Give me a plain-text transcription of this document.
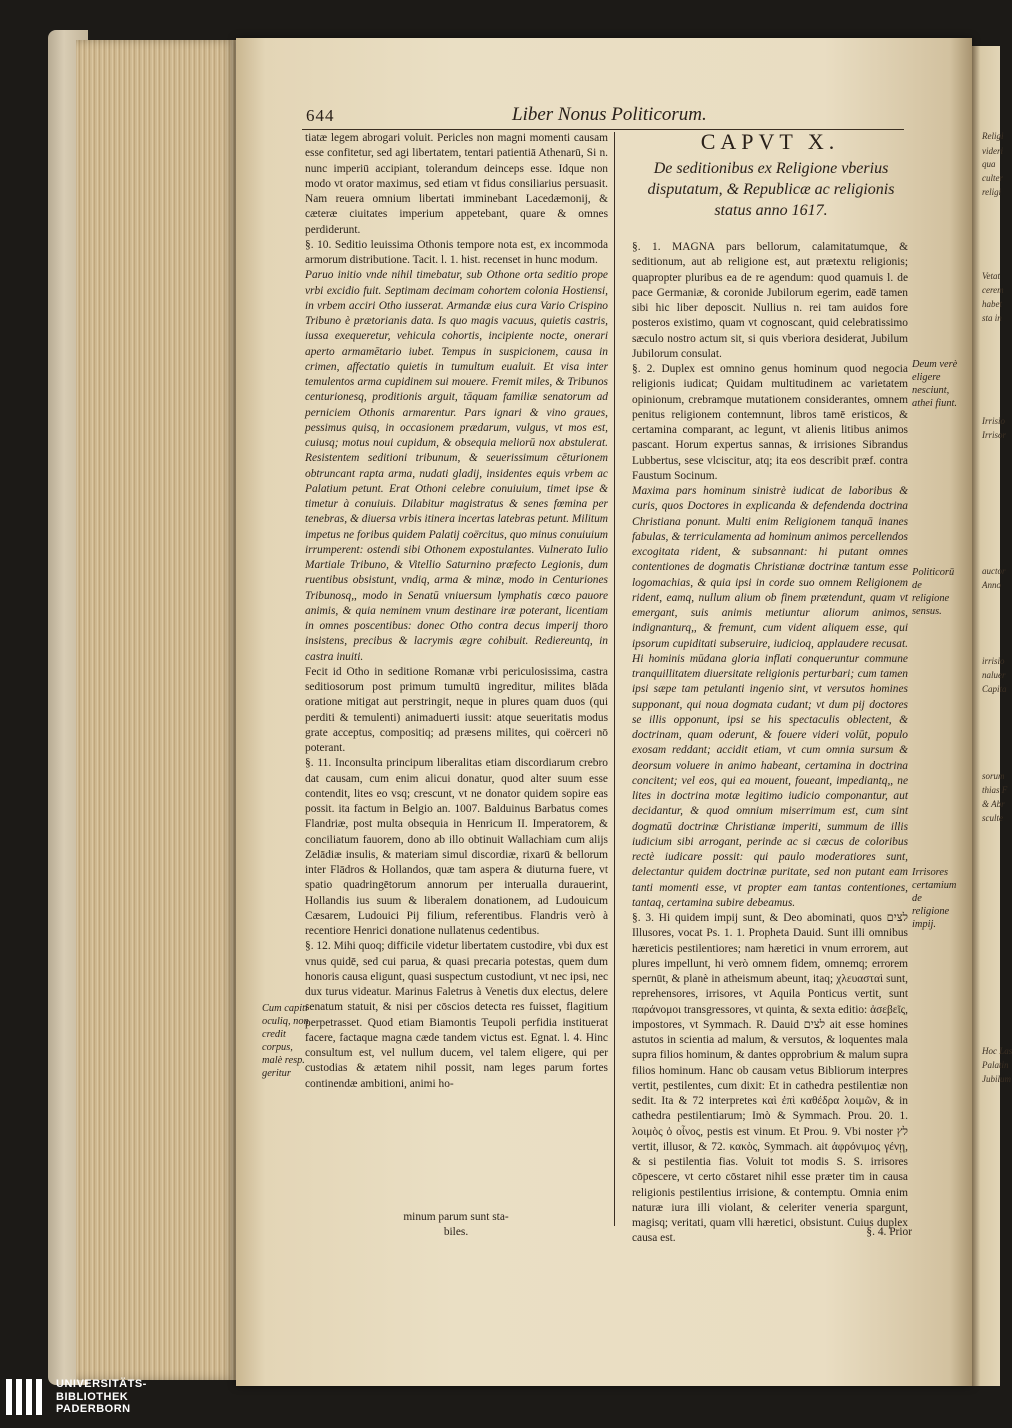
Religi
videri
qua
culter
religi
Vetat
cerem
habet
sta in
Irrisio
Irrisor
auctor
Anno
irrisio
naluer
Capita
sorum
thias F
& Abr
sculte
Hoc Las
Palatin
Jubilum
644	Liber Nonus Politicorum.

tiatæ legem abrogari voluit. Pericles non magni momenti causam esse confitetur, sed agi libertatem, tentari patientiā Athenarū, Si n. nunc imperiū accipiant, tolerandum deinceps esse. Idque non modo vt orator maximus, sed etiam vt fidus consiliarius persuasit. Nam reuera omnium libertati imminebant Lacedæmonij, & cæteræ ciuitates imperium appetebant, quare & omnes perdiderunt.

§. 10. Seditio leuissima Othonis tempore nota est, ex incommoda armorum distributione. Tacit. l. 1. hist. recenset in hunc modum.

Paruo initio vnde nihil timebatur, sub Othone orta seditio prope vrbi excidio fuit. Septimam decimam cohortem colonia Hostiensi, in vrbem acciri Otho iusserat. Armandæ eius cura Vario Crispino Tribuno è prætorianis data. Is quo magis vacuus, quietis castris, iussa exequeretur, vehicula cohortis, incipiente nocte, onerari aperto armamētario iubet. Tempus in suspicionem, causa in crimen, affectatio quietis in tumultum eualuit. Et visa inter temulentos arma cupidinem sui mouere. Fremit miles, & Tribunos centurionesq, proditionis arguit, tāquam familiæ senatorum ad perniciem Othonis armarentur. Pars ignari & vino graues, pessimus quisq, in occasionem prædarum, vulgus, vt mos est, cuiusq; motus noui cupidum, & obsequia meliorū nox abstulerat. Resistentem seditioni tribunum, & seuerissimum cēturionem obtruncant rapta arma, nudati gladij, insidentes equis vrbem ac Palatium petunt. Erat Othoni celebre conuiuium, timet ipse & timetur à conuiuis. Dilabitur magistratus & senes fœmina per tenebras, & diuersa vrbis itinera incertas latebras petunt. Militum impetus ne foribus quidem Palatij coërcitus, quo minus conuiuium irrumperent: ostendi sibi Othonem expostulantes. Vulnerato Iulio Martiale Tribuno, & Vitellio Saturnino præfecto Legionis, dum ruentibus obsistunt, vndiq, arma & minæ, modo in Centuriones Tribunosq,, modo in Senatū vniuersum lymphatis cœco pauore animis, & quia neminem vnum destinare iræ poterant, licentiam in omnes poscentibus: donec Otho contra decus imperij thoro insistens, precibus & lacrymis ægre cohibuit. Rediereuntq, in castra inuiti.

Fecit id Otho in seditione Romanæ vrbi periculosissima, castra seditiosorum post primum tumultū ingreditur, milites blāda oratione mitigat aut perstringit, neque in plures quam duos (qui perditi & temulenti) animaduerti iussit: atque seueritatis modus grate acceptus, compositiq; ad præsens milites, qui coërceri nō poterant.

§. 11. Inconsulta principum liberalitas etiam discordiarum crebro dat causam, cum enim alicui donatur, quod alter suum esse contendit, lites eo vsq; crescunt, vt ne donator quidem sopire eas possit. ita factum in Belgio an. 1007. Balduinus Barbatus comes Flandriæ, post multa obsequia in Henricum II. Imperatorem, & conciliatum fauorem, dono ab illo obtinuit Wallachiam cum alijs Zelādiæ insulis, & materiam simul discordiæ, rixarū & bellorum inter Flādros & Hollandos, quæ tam aspera & diuturna fuere, vt spatio quadringētorum annorum per interualla durauerint, Hollandis ius suum & liberalem donationem, ad Ludouicum Cæsarem, Ludouici Pij filium, referentibus. Flandris verò à recentiore Henrici donatione nullatenus cedentibus.

§. 12. Mihi quoq; difficile videtur libertatem custodire, vbi dux est vnus quidē, sed cui parua, & quasi precaria potestas, quem dum honoris causa eligunt, quasi suspectum custodiunt, vt nec ipsi, nec dux turus videatur. Marinus Faletrus à Venetis dux electus, delere senatum statuit, & nisi per cōscios detecta res fuisset, flagitium perpetrasset. Quod etiam Biamontis Teupoli perfidia instituerat facere, factaque magna cæde tandem victus est. Egnat. l. 4. Hinc consultum est, vel nullum ducem, vel talem eligere, qui per custodias & ætatem nihil possit, nam leges parum fortes continendæ ambitioni, animi ho-

minum parum sunt sta-
biles.
Cum capiti oculiq, non credit corpus, malè resp. geritur
CAPVT X.
De seditionibus ex Religione vberius disputatum, & Republicæ ac religionis status anno 1617.

§. 1. MAGNA pars bellorum, calamitatumque, & seditionum, aut ab religione est, aut prætextu religionis; quapropter pluribus ea de re agendum: quod quamuis l. de pace Germaniæ, & coronide Jubilorum egerim, eadē tamen sibi hic liber deposcit. Nullius n. rei tam auidos fore posteros existimo, quam vt cognoscant, quid celebratissimo sæculo nostro actum sit, si quis vberiora desiderat, Jubilum Jubilorum consulat.

§. 2. Duplex est omnino genus hominum quod negocia religionis iudicat; Quidam multitudinem ac varietatem opinionum, crebramque mutationem considerantes, omnem penitus religionem contemnunt, libros tamē eristicos, & certamina comparant, ac legunt, vt alienis litibus animos pascant. Horum expertus sannas, & irrisiones Sibrandus Lubbertus, sese vlciscitur, atq; ita eos describit præf. contra Faustum Socinum.

Maxima pars hominum sinistrè iudicat de laboribus & curis, quos Doctores in explicanda & defendenda doctrina Christiana ponunt. Multi enim Religionem tanquā inanes fabulas, & terriculamenta ad hominum animos percellendos excogitata rident, & subsannant: hi putant omnes contentiones de dogmatis Christianæ doctrinæ tantum esse logomachias, & quia ipsi in corde suo omnem Religionem rident, eamq, nullum alium ob finem prætendunt, quam vt emergant, suis animis metiuntur aliorum animos, indignanturq,, & fremunt, cum vident aliquem esse, qui ipsorum cupiditati subseruire, iudicioq, applaudere recusat. Hi hominis mūdana gloria inflati conqueruntur commune tranquillitatem diuersitate religionis perturbari; cum tamen ipsi sæpe tam petulanti ingenio sint, vt versutos homines supponant, qui noua dogmata cudant; vt dum pij doctores se illis opponunt, ipsi se his spectaculis oblectent, & doctrinam, quam oderunt, & fouere videri volūt, populo exosam reddant; accidit etiam, vt cum omnia sursum & deorsum voluere in animo habeant, certamina in doctrina concitent; vel eos, qui ea mouent, foueant, impediantq,, ne lites in doctrina motæ legitimo iudicio componantur, aut decidantur, & quod omnium miserrimum est, cum sint dogmatū doctrinæ Christianæ imperiti, summum de illis iudicium sibi arrogant, perinde ac si cæcus de coloribus rectè iudicare possit: qui paulo moderatiores sunt, delectantur quidem doctrinæ puritate, sed non putant eam tanti momenti esse, vt propter eam tantas contentiones, tantaq, certamina subire debeamus.

§. 3. Hi quidem impij sunt, & Deo abominati, quos לצים Illusores, vocat Ps. 1. 1. Propheta Dauid. Sunt illi omnibus hæreticis pestilentiores; nam hæretici in vnum errorem, aut plures impellunt, hi verò omnem fidem, omnemq; errorem spernūt, & planè in atheismum abeunt, itaq; χλευασταὶ sunt, reprehensores, irrisores, vt Aquila Ponticus vertit, sunt παράνομοι transgressores, vt quinta, & sexta editio: ἀσεβεῖς, impostores, vt Symmach. R. Dauid לצים ait esse homines astutos in scientia ad malum, & versutos, & loquentes mala supra filios hominum, & dantes opprobrium & malum supra filios hominum. Hanc ob causam vetus Bibliorum interpres vertit, pestilentes, cum dixit: Et in cathedra pestilentiæ non sedit. Ita & 72 interpretes καὶ ἐπὶ καθέδρα λοιμῶν, & in cathedra pestilentiarum; Imò & Symmach. Prou. 20. 1. λοιμὸς ὁ οἶνος, pestis est vinum. Et Prou. 9. Vbi noster לץ vertit, illusor, & 72. κακὸς, Symmach. ait ἀφρόνιμος γένῃ, & si pestilentia fias. Voluit tot modis S. S. irrisores cōpescere, vt certo cōstaret nihil esse præter tim in causa religionis pestilentius irrisione, & contemptu. Omnia enim naturæ iura illi violant, & celeriter veneria spargunt, magisq; veritati, quam vlli hæretici, obsistunt. Cuius duplex causa est.

§. 4. Prior
Deum verè eligere nesciunt, athei fiunt.
Politicorū de religione sensus.
Irrisores certamium de religione impij.
UNIVERSITÄTS-
BIBLIOTHEK
PADERBORN
